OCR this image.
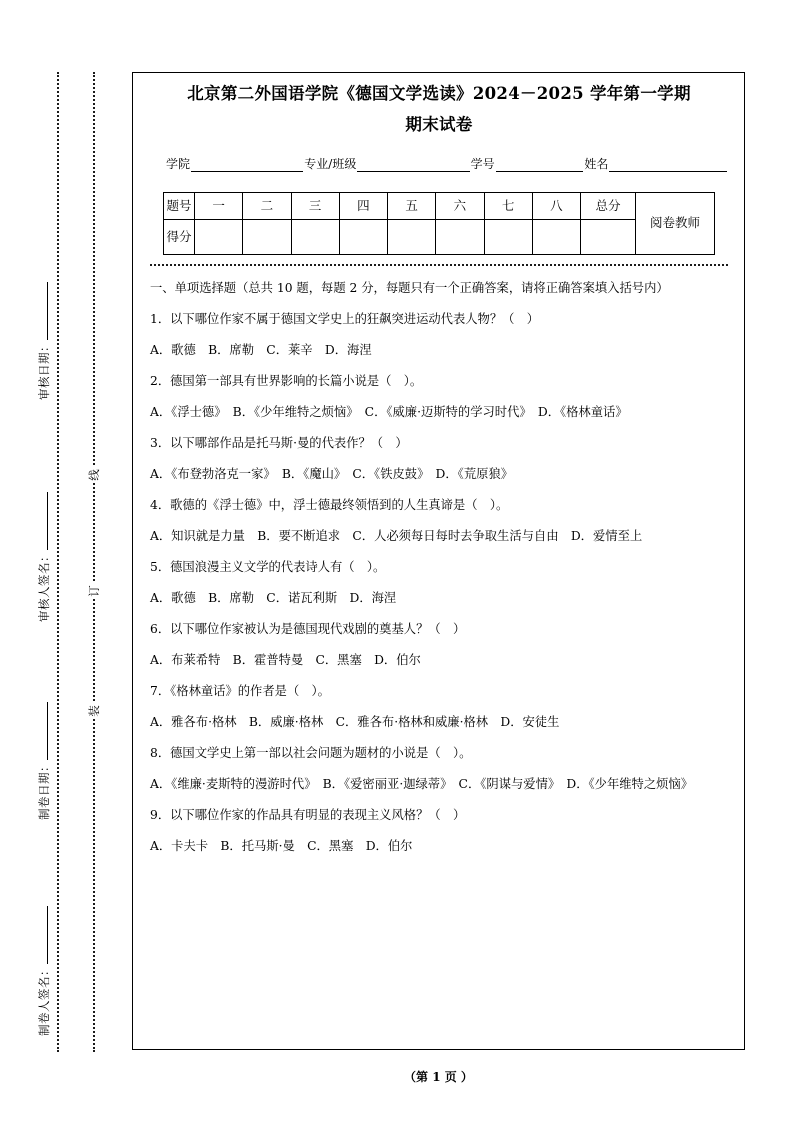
审核日期：
审核人签名：
制卷日期：
制卷人签名：
线
订
装
北京第二外国语学院《德国文学选读》2024－2025 学年第一学期
期末试卷
学院	专业/班级	学号	姓名
题号	一	二	三	四	五	六	七	八	总分	阅卷教师
得分										
一、单项选择题（总共 10 题，每题 2 分，每题只有一个正确答案，请将正确答案填入括号内）
1．以下哪位作家不属于德国文学史上的狂飙突进运动代表人物？（　）
A．歌德　B．席勒　C．莱辛　D．海涅
2．德国第一部具有世界影响的长篇小说是（　）。
A．《浮士德》　B．《少年维特之烦恼》　C．《威廉·迈斯特的学习时代》　D．《格林童话》
3．以下哪部作品是托马斯·曼的代表作？（　）
A．《布登勃洛克一家》　B．《魔山》　C．《铁皮鼓》　D．《荒原狼》
4．歌德的《浮士德》中，浮士德最终领悟到的人生真谛是（　）。
A．知识就是力量　B．要不断追求　C．人必须每日每时去争取生活与自由　D．爱情至上
5．德国浪漫主义文学的代表诗人有（　）。
A．歌德　B．席勒　C．诺瓦利斯　D．海涅
6．以下哪位作家被认为是德国现代戏剧的奠基人？（　）
A．布莱希特　B．霍普特曼　C．黑塞　D．伯尔
7．《格林童话》的作者是（　）。
A．雅各布·格林　B．威廉·格林　C．雅各布·格林和威廉·格林　D．安徒生
8．德国文学史上第一部以社会问题为题材的小说是（　）。
A．《维廉·麦斯特的漫游时代》　B．《爱密丽亚·迦绿蒂》　C．《阴谋与爱情》　D．《少年维特之烦恼》
9．以下哪位作家的作品具有明显的表现主义风格？（　）
A．卡夫卡　B．托马斯·曼　C．黑塞　D．伯尔
（第 1 页 ）
